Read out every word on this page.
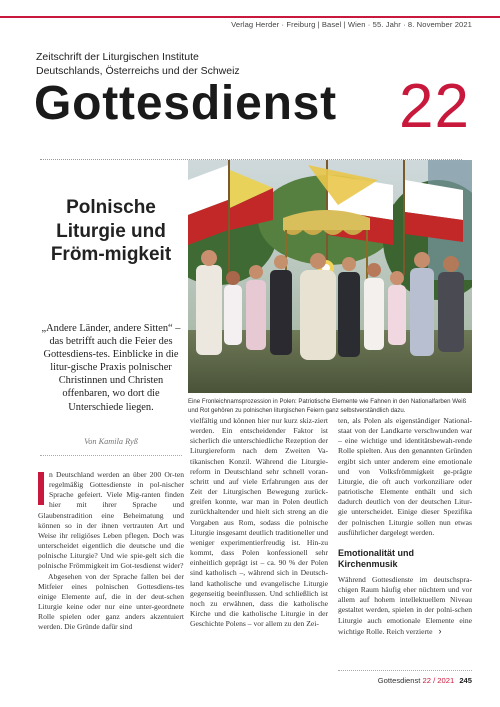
Verlag Herder · Freiburg | Basel | Wien · 55. Jahr · 8. November 2021
Zeitschrift der Liturgischen Institute
Deutschlands, Österreichs und der Schweiz
Gottesdienst 22
Polnische Liturgie und Fröm-migkeit
„Andere Länder, andere Sitten“ – das betrifft auch die Feier des Gottesdiens-tes. Einblicke in die litur-gische Praxis polnischer Christinnen und Christen offenbaren, wo dort die Unterschiede liegen.
Von Kamila Ryß
Eine Fronleichnamsprozession in Polen: Patriotische Elemente wie Fahnen in den Nationalfarben Weiß und Rot gehören zu polnischen liturgischen Feiern ganz selbstverständlich dazu.

n Deutschland werden an über 200 Or-ten regelmäßig Gottesdienste in pol-nischer Sprache gefeiert. Viele Mig-ranten finden hier mit ihrer Sprache und Glaubenstradition eine Beheimatung und können so in der ihnen vertrauten Art und Weise ihr religiöses Leben pflegen. Doch was unterscheidet eigentlich die deutsche und die polnische Liturgie? Und wie spie-gelt sich die polnische Frömmigkeit im Got-tesdienst wider?

Abgesehen von der Sprache fallen bei der Mitfeier eines polnischen Gottesdiens-tes einige Elemente auf, die in der deut-schen Liturgie keine oder nur eine unter-geordnete Rolle spielen oder ganz anders akzentuiert werden. Die Gründe dafür sind

vielfältig und können hier nur kurz skiz-ziert werden. Ein entscheidender Faktor ist sicherlich die unterschiedliche Rezeption der Liturgiereform nach dem Zweiten Va-tikanischen Konzil. Während die Liturgie-reform in Deutschland sehr schnell voran-schritt und auf viele Erfahrungen aus der Zeit der Liturgischen Bewegung zurück-greifen konnte, war man in Polen deutlich zurückhaltender und hielt sich streng an die Vorgaben aus Rom, sodass die polnische Liturgie insgesamt deutlich traditioneller und weniger experimentierfreudig ist. Hin-zu kommt, dass Polen konfessionell sehr einheitlich geprägt ist – ca. 90 % der Polen sind katholisch –, während sich in Deutsch-land katholische und evangelische Liturgie gegenseitig beeinflussen. Und schließlich ist noch zu erwähnen, dass die katholische Kirche und die katholische Liturgie in der Geschichte Polens – vor allem zu den Zei-

ten, als Polen als eigenständiger National-staat von der Landkarte verschwunden war – eine wichtige und identitätsbewah-rende Rolle spielten. Aus den genannten Gründen ergibt sich unter anderem eine emotionale und von Volksfrömmigkeit ge-prägte Liturgie, die oft auch vorkonziliare oder patriotische Elemente enthält und sich dadurch deutlich von der deutschen Litur-gie unterscheidet. Einige dieser Spezifika der polnischen Liturgie sollen nun etwas ausführlicher dargelegt werden.

Emotionalität und Kirchenmusik

Während Gottesdienste im deutschspra-chigen Raum häufig eher nüchtern und vor allem auf hohem intellektuellem Niveau gestaltet werden, spielen in der polni-schen Liturgie auch emotionale Elemente eine wichtige Rolle. Reich verzierte ›

Gottesdienst 22 / 2021 245
